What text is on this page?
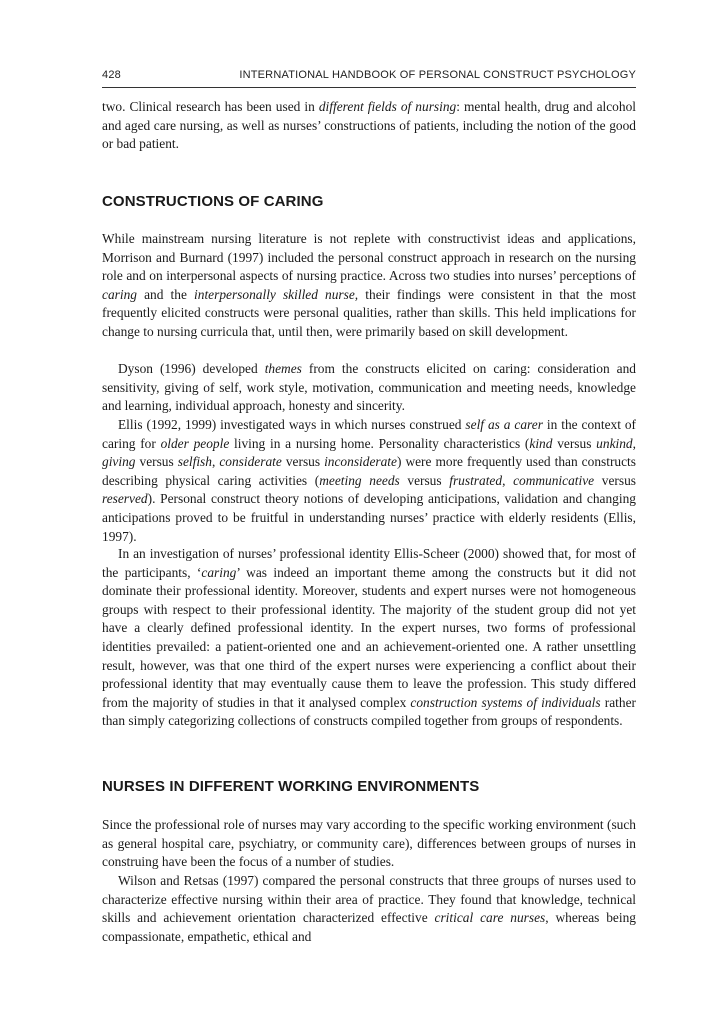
428	INTERNATIONAL HANDBOOK OF PERSONAL CONSTRUCT PSYCHOLOGY

two. Clinical research has been used in different fields of nursing: mental health, drug and alcohol and aged care nursing, as well as nurses’ constructions of patients, including the notion of the good or bad patient.

CONSTRUCTIONS OF CARING

While mainstream nursing literature is not replete with constructivist ideas and applications, Morrison and Burnard (1997) included the personal construct approach in research on the nursing role and on interpersonal aspects of nursing practice. Across two studies into nurses’ perceptions of caring and the interpersonally skilled nurse, their findings were consistent in that the most frequently elicited constructs were personal qualities, rather than skills. This held implications for change to nursing curricula that, until then, were primarily based on skill development.

Dyson (1996) developed themes from the constructs elicited on caring: consideration and sensitivity, giving of self, work style, motivation, communication and meeting needs, knowledge and learning, individual approach, honesty and sincerity.

Ellis (1992, 1999) investigated ways in which nurses construed self as a carer in the context of caring for older people living in a nursing home. Personality characteristics (kind versus unkind, giving versus selfish, considerate versus inconsiderate) were more frequently used than constructs describing physical caring activities (meeting needs versus frustrated, communicative versus reserved). Personal construct theory notions of developing anticipations, validation and changing anticipations proved to be fruitful in understanding nurses’ practice with elderly residents (Ellis, 1997).

In an investigation of nurses’ professional identity Ellis-Scheer (2000) showed that, for most of the participants, ‘caring’ was indeed an important theme among the constructs but it did not dominate their professional identity. Moreover, students and expert nurses were not homogeneous groups with respect to their professional identity. The majority of the student group did not yet have a clearly defined professional identity. In the expert nurses, two forms of professional identities prevailed: a patient-oriented one and an achievement-oriented one. A rather unsettling result, however, was that one third of the expert nurses were experiencing a conflict about their professional identity that may eventually cause them to leave the profession. This study differed from the majority of studies in that it analysed complex construction systems of individuals rather than simply categorizing collections of constructs compiled together from groups of respondents.

NURSES IN DIFFERENT WORKING ENVIRONMENTS

Since the professional role of nurses may vary according to the specific working environment (such as general hospital care, psychiatry, or community care), differences between groups of nurses in construing have been the focus of a number of studies.

Wilson and Retsas (1997) compared the personal constructs that three groups of nurses used to characterize effective nursing within their area of practice. They found that knowledge, technical skills and achievement orientation characterized effective critical care nurses, whereas being compassionate, empathetic, ethical and
